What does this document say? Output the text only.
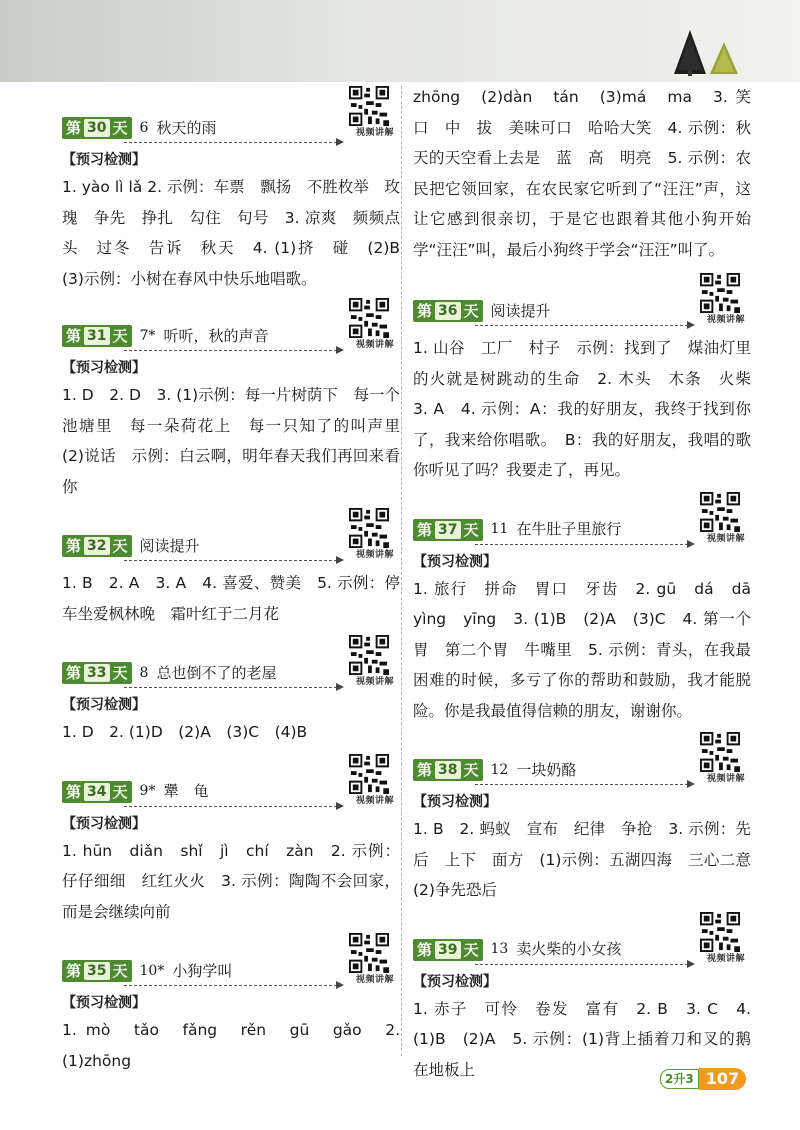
视频讲解
第 30 天 6 秋天的雨
【预习检测】
1. yào lì lǎ 2. 示例：车票　飘扬　不胜枚举　玫瑰　争先　挣扎　勾住　句号　3. 凉爽　频频点头　过冬　告诉　秋天　4. (1)挤　碰　(2)B　(3)示例：小树在春风中快乐地唱歌。
视频讲解
第 31 天 7* 听听，秋的声音
【预习检测】
1. D　2. D　3. (1)示例：每一片树荫下　每一个池塘里　每一朵荷花上　每一只知了的叫声里　(2)说话　示例：白云啊，明年春天我们再回来看你
视频讲解
第 32 天 阅读提升
1. B　2. A　3. A　4. 喜爱、赞美　5. 示例：停车坐爱枫林晚　霜叶红于二月花
视频讲解
第 33 天 8 总也倒不了的老屋
【预习检测】
1. D　2. (1)D　(2)A　(3)C　(4)B
视频讲解
第 34 天 9* 犟　龟
【预习检测】
1. hūn　diǎn　shǐ　jì　chí　zàn　2. 示例：仔仔细细　红红火火　3. 示例：陶陶不会回家，而是会继续向前
视频讲解
第 35 天 10* 小狗学叫
【预习检测】
1. mò　tǎo　fǎng　rěn　gū　gǎo　2. (1)zhōng
zhōng　(2)dàn　tán　(3)má　ma　3. 笑　口　中　拔　美味可口　哈哈大笑　4. 示例：秋天的天空看上去是　蓝　高　明亮　5. 示例：农民把它领回家，在农民家它听到了“汪汪”声，这让它感到很亲切，于是它也跟着其他小狗开始学“汪汪”叫，最后小狗终于学会“汪汪”叫了。
视频讲解
第 36 天 阅读提升
1. 山谷　工厂　村子　示例：找到了　煤油灯里的火就是树跳动的生命　2. 木头　木条　火柴　3. A　4. 示例：A：我的好朋友，我终于找到你了，我来给你唱歌。　B：我的好朋友，我唱的歌你听见了吗？我要走了，再见。
视频讲解
第 37 天 11 在牛肚子里旅行
【预习检测】
1. 旅行　拼命　胃口　牙齿　2. gū　dá　dā　yìng　yīng　3. (1)B　(2)A　(3)C　4. 第一个胃　第二个胃　牛嘴里　5. 示例：青头，在我最困难的时候，多亏了你的帮助和鼓励，我才能脱险。你是我最值得信赖的朋友，谢谢你。
视频讲解
第 38 天 12 一块奶酪
【预习检测】
1. B　2. 蚂蚁　宣布　纪律　争抢　3. 示例：先后　上下　面方　(1)示例：五湖四海　三心二意　(2)争先恐后
视频讲解
第 39 天 13 卖火柴的小女孩
【预习检测】
1. 赤子　可怜　卷发　富有　2. B　3. C　4. (1)B　(2)A　5. 示例：(1)背上插着刀和叉的鹅在地板上
2升3 107
